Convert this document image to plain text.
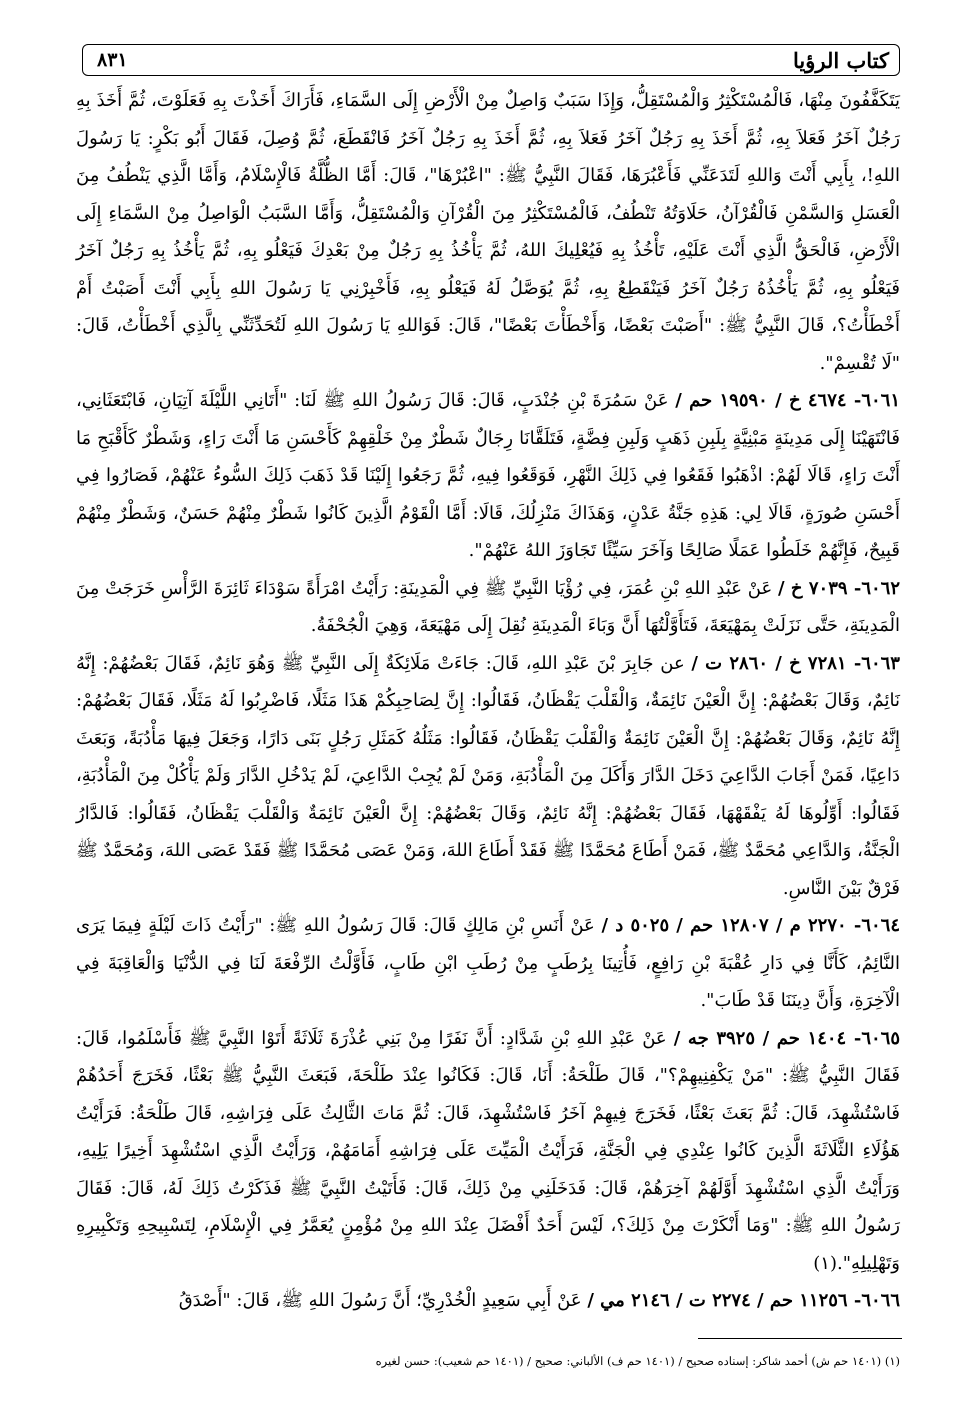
كتاب الرؤيا
٨٣١

يَتَكَفَّفُونَ مِنْهَا، فَالْمُسْتَكْثِرُ وَالْمُسْتَقِلُّ، وَإِذَا سَبَبٌ وَاصِلٌ مِنْ الْأَرْضِ إِلَى السَّمَاءِ، فَأَرَاكَ أَخَذْتَ بِهِ فَعَلَوْتَ، ثُمَّ أَخَذَ بِهِ رَجُلٌ آخَرُ فَعَلاَ بِهِ، ثُمَّ أَخَذَ بِهِ رَجُلٌ آخَرُ فَعَلاَ بِهِ، ثُمَّ أَخَذَ بِهِ رَجُلٌ آخَرُ فَانْقَطَعَ، ثُمَّ وُصِلَ، فَقَالَ أَبُو بَكْرٍ: يَا رَسُولَ اللهِ!، بِأَبِي أَنْتَ وَاللهِ لَتَدَعَنِّي فَأَعْبُرَهَا، فَقَالَ النَّبِيُّ ﷺ: "اعْبُرْهَا"، قَالَ: أَمَّا الظُّلَّةُ فَالْإِسْلَامُ، وَأَمَّا الَّذِي يَنْطُفُ مِنَ الْعَسَلِ وَالسَّمْنِ فَالْقُرْآنُ، حَلَاوَتُهُ تَنْطُفُ، فَالْمُسْتَكْثِرُ مِنَ الْقُرْآنِ وَالْمُسْتَقِلُّ، وَأَمَّا السَّبَبُ الْوَاصِلُ مِنْ السَّمَاءِ إِلَى الْأَرْضِ، فَالْحَقُّ الَّذِي أَنْتَ عَلَيْهِ، تَأْخُذُ بِهِ فَيُعْلِيكَ اللهُ، ثُمَّ يَأْخُذُ بِهِ رَجُلٌ مِنْ بَعْدِكَ فَيَعْلُو بِهِ، ثُمَّ يَأْخُذُ بِهِ رَجُلٌ آخَرُ فَيَعْلُو بِهِ، ثُمَّ يَأْخُذُهُ رَجُلٌ آخَرُ فَيَنْقَطِعُ بِهِ، ثُمَّ يُوَصَّلُ لَهُ فَيَعْلُو بِهِ، فَأَخْبِرْنِي يَا رَسُولَ اللهِ بِأَبِي أَنْتَ أَصَبْتُ أَمْ أَخْطَأْتُ؟، قَالَ النَّبِيُّ ﷺ: "أَصَبْتَ بَعْضًا، وَأَخْطَأْتَ بَعْضًا"، قَالَ: فَوَاللهِ يَا رَسُولَ اللهِ لَتُحَدِّثَنِّي بِالَّذِي أَخْطَأْتُ، قَالَ: "لَا تُقْسِمْ".

٦٠٦١- ٤٦٧٤ خ / ١٩٥٩٠ حم / عَنْ سَمُرَةَ بْنِ جُنْدَبٍ، قَالَ: قَالَ رَسُولُ اللهِ ﷺ لَنَا: "أَتَانِي اللَّيْلَةَ آتِيَانِ، فَابْتَعَثَانِي، فَانْتَهَيْنَا إِلَى مَدِينَةٍ مَبْنِيَّةٍ بِلَبِنِ ذَهَبٍ وَلَبِنِ فِضَّةٍ، فَتَلَقَّانَا رِجَالٌ شَطْرٌ مِنْ خَلْقِهِمْ كَأَحْسَنِ مَا أَنْتَ رَاءٍ، وَشَطْرٌ كَأَقْبَحِ مَا أَنْتَ رَاءٍ، قَالَا لَهُمْ: اذْهَبُوا فَقَعُوا فِي ذَلِكَ النَّهْرِ، فَوَقَعُوا فِيهِ، ثُمَّ رَجَعُوا إِلَيْنَا قَدْ ذَهَبَ ذَلِكَ السُّوءُ عَنْهُمْ، فَصَارُوا فِي أَحْسَنِ صُورَةٍ، قَالَا لِي: هَذِهِ جَنَّةُ عَدْنٍ، وَهَذَاكَ مَنْزِلُكَ، قَالَا: أَمَّا الْقَوْمُ الَّذِينَ كَانُوا شَطْرٌ مِنْهُمْ حَسَنٌ، وَشَطْرٌ مِنْهُمْ قَبِيحٌ، فَإِنَّهُمْ خَلَطُوا عَمَلًا صَالِحًا وَآخَرَ سَيِّئًا تَجَاوَزَ اللهُ عَنْهُمْ".

٦٠٦٢- ٧٠٣٩ خ / عَنْ عَبْدِ اللهِ بْنِ عُمَرَ، فِي رُؤْيَا النَّبِيِّ ﷺ فِي الْمَدِينَةِ: رَأَيْتُ امْرَأَةً سَوْدَاءَ ثَائِرَةَ الرَّأْسِ خَرَجَتْ مِنَ الْمَدِينَةِ، حَتَّى نَزَلَتْ بِمَهْيَعَةَ، فَتَأَوَّلْتُهَا أَنَّ وَبَاءَ الْمَدِينَةِ نُقِلَ إِلَى مَهْيَعَةَ، وَهِيَ الْجُحْفَةُ.

٦٠٦٣- ٧٢٨١ خ / ٢٨٦٠ ت / عن جَابِرَ بْنَ عَبْدِ اللهِ، قَالَ: جَاءَتْ مَلَائِكَةٌ إِلَى النَّبِيِّ ﷺ وَهُوَ نَائِمٌ، فَقَالَ بَعْضُهُمْ: إِنَّهُ نَائِمٌ، وَقَالَ بَعْضُهُمْ: إِنَّ الْعَيْنَ نَائِمَةٌ، وَالْقَلْبَ يَقْظَانُ، فَقَالُوا: إِنَّ لِصَاحِبِكُمْ هَذَا مَثَلًا، فَاضْرِبُوا لَهُ مَثَلًا، فَقَالَ بَعْضُهُمْ: إِنَّهُ نَائِمٌ، وَقَالَ بَعْضُهُمْ: إِنَّ الْعَيْنَ نَائِمَةٌ وَالْقَلْبَ يَقْظَانُ، فَقَالُوا: مَثَلُهُ كَمَثَلِ رَجُلٍ بَنَى دَارًا، وَجَعَلَ فِيهَا مَأْدُبَةً، وَبَعَثَ دَاعِيًا، فَمَنْ أَجَابَ الدَّاعِيَ دَخَلَ الدَّارَ وَأَكَلَ مِنَ الْمَأْدُبَةِ، وَمَنْ لَمْ يُجِبْ الدَّاعِيَ، لَمْ يَدْخُلِ الدَّارَ وَلَمْ يَأْكُلْ مِنَ الْمَأْدُبَةِ، فَقَالُوا: أَوِّلُوهَا لَهُ يَفْقَهْهَا، فَقَالَ بَعْضُهُمْ: إِنَّهُ نَائِمٌ، وَقَالَ بَعْضُهُمْ: إِنَّ الْعَيْنَ نَائِمَةٌ وَالْقَلْبَ يَقْظَانُ، فَقَالُوا: فَالدَّارُ الْجَنَّةُ، وَالدَّاعِي مُحَمَّدٌ ﷺ، فَمَنْ أَطَاعَ مُحَمَّدًا ﷺ فَقَدْ أَطَاعَ اللهَ، وَمَنْ عَصَى مُحَمَّدًا ﷺ فَقَدْ عَصَى اللهَ، وَمُحَمَّدٌ ﷺ فَرْقٌ بَيْنَ النَّاسِ.

٦٠٦٤- ٢٢٧٠ م / ١٢٨٠٧ حم / ٥٠٢٥ د / عَنْ أَنَسِ بْنِ مَالِكٍ قَالَ: قَالَ رَسُولُ اللهِ ﷺ: "رَأَيْتُ ذَاتَ لَيْلَةٍ فِيمَا يَرَى النَّائِمُ، كَأَنَّا فِي دَارِ عُقْبَةَ بْنِ رَافِعٍ، فَأُتِينَا بِرُطَبٍ مِنْ رُطَبِ ابْنِ طَابٍ، فَأَوَّلْتُ الرِّفْعَةَ لَنَا فِي الدُّنْيَا وَالْعَاقِبَةَ فِي الْآخِرَةِ، وَأَنَّ دِينَنَا قَدْ طَابَ".

٦٠٦٥- ١٤٠٤ حم / ٣٩٢٥ جه / عَنْ عَبْدِ اللهِ بْنِ شَدَّادٍ: أَنَّ نَفَرًا مِنْ بَنِي عُذْرَةَ ثَلَاثَةً أَتَوْا النَّبِيَّ ﷺ فَأَسْلَمُوا، قَالَ: فَقَالَ النَّبِيُّ ﷺ: "مَنْ يَكْفِنِيهِمْ؟"، قَالَ طَلْحَةُ: أَنَا، قَالَ: فَكَانُوا عِنْدَ طَلْحَةَ، فَبَعَثَ النَّبِيُّ ﷺ بَعْثًا، فَخَرَجَ أَحَدُهُمْ فَاسْتُشْهِدَ، قَالَ: ثُمَّ بَعَثَ بَعْثًا، فَخَرَجَ فِيهِمْ آخَرُ فَاسْتُشْهِدَ، قَالَ: ثُمَّ مَاتَ الثَّالِثُ عَلَى فِرَاشِهِ، قَالَ طَلْحَةُ: فَرَأَيْتُ هَؤُلَاءِ الثَّلَاثَةَ الَّذِينَ كَانُوا عِنْدِي فِي الْجَنَّةِ، فَرَأَيْتُ الْمَيِّتَ عَلَى فِرَاشِهِ أَمَامَهُمْ، وَرَأَيْتُ الَّذِي اسْتُشْهِدَ أَخِيرًا يَلِيهِ، وَرَأَيْتُ الَّذِي اسْتُشْهِدَ أَوَّلَهُمْ آخِرَهُمْ، قَالَ: فَدَخَلَنِي مِنْ ذَلِكَ، قَالَ: فَأَتَيْتُ النَّبِيَّ ﷺ فَذَكَرْتُ ذَلِكَ لَهُ، قَالَ: فَقَالَ رَسُولُ اللهِ ﷺ: "وَمَا أَنْكَرْتَ مِنْ ذَلِكَ؟، لَيْسَ أَحَدٌ أَفْضَلَ عِنْدَ اللهِ مِنْ مُؤْمِنٍ يُعَمَّرُ فِي الْإِسْلَامِ، لِتَسْبِيحِهِ وَتَكْبِيرِهِ وَتَهْلِيلِهِ".(١)

٦٠٦٦- ١١٢٥٦ حم / ٢٢٧٤ ت / ٢١٤٦ مي / عَنْ أَبِي سَعِيدٍ الْخُدْرِيِّ؛ أَنَّ رَسُولَ اللهِ ﷺ، قَالَ: "أَصْدَقُ

(١) (١٤٠١ حم ش) أحمد شاكر: إسناده صحيح / (١٤٠١ حم ف) الألباني: صحيح / (١٤٠١ حم شعيب): حسن لغيره
